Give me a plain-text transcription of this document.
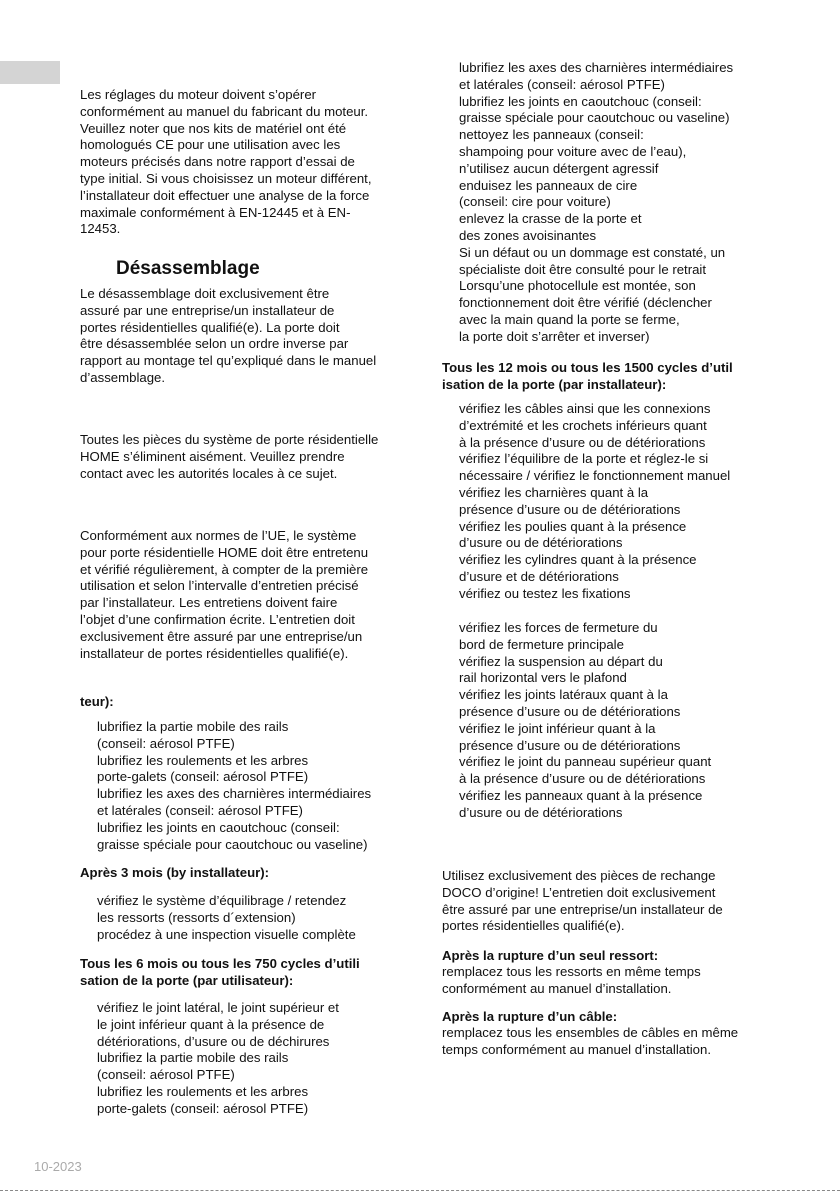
Les réglages du moteur doivent s’opérer
conformément au manuel du fabricant du moteur.
Veuillez noter que nos kits de matériel ont été
homologués CE pour une utilisation avec les
moteurs précisés dans notre rapport d’essai de
type initial. Si vous choisissez un moteur différent,
l’installateur doit effectuer une analyse de la force
maximale conformément à EN-12445 et à EN-
12453.

Désassemblage

Le désassemblage doit exclusivement être
assuré par une entreprise/un installateur de
portes résidentielles qualifié(e). La porte doit
être désassemblée selon un ordre inverse par
rapport au montage tel qu’expliqué dans le manuel
d’assemblage.

Toutes les pièces du système de porte résidentielle
HOME s’éliminent aisément. Veuillez prendre
contact avec les autorités locales à ce sujet.

Conformément aux normes de l’UE, le système
pour porte résidentielle HOME doit être entretenu
et vérifié régulièrement, à compter de la première
utilisation et selon l’intervalle d’entretien précisé
par l’installateur. Les entretiens doivent faire
l’objet d’une confirmation écrite. L’entretien doit
exclusivement être assuré par une entreprise/un
installateur de portes résidentielles qualifié(e).

teur):

lubrifiez la partie mobile des rails
(conseil: aérosol PTFE)
lubrifiez les roulements et les arbres
porte-galets (conseil: aérosol PTFE)
lubrifiez les axes des charnières intermédiaires
et latérales (conseil: aérosol PTFE)
lubrifiez les joints en caoutchouc (conseil:
graisse spéciale pour caoutchouc ou vaseline)

Après 3 mois (by installateur):

vérifiez le système d’équilibrage / retendez
les ressorts (ressorts d´extension)
procédez à une inspection visuelle complète

Tous les 6 mois ou tous les 750 cycles d’utili
sation de la porte (par utilisateur):

vérifiez le joint latéral, le joint supérieur et
le joint inférieur quant à la présence de
détériorations, d’usure ou de déchirures
lubrifiez la partie mobile des rails
(conseil: aérosol PTFE)
lubrifiez les roulements et les arbres
porte-galets (conseil: aérosol PTFE)

lubrifiez les axes des charnières intermédiaires
et latérales (conseil: aérosol PTFE)
lubrifiez les joints en caoutchouc (conseil:
graisse spéciale pour caoutchouc ou vaseline)
nettoyez les panneaux (conseil:
shampoing pour voiture avec de l’eau),
n’utilisez aucun détergent agressif
enduisez les panneaux de cire
(conseil: cire pour voiture)
enlevez la crasse de la porte et
des zones avoisinantes
Si un défaut ou un dommage est constaté, un
spécialiste doit être consulté pour le retrait
Lorsqu’une photocellule est montée, son
fonctionnement doit être vérifié (déclencher
avec la main quand la porte se ferme,
la porte doit s’arrêter et inverser)

Tous les 12 mois ou tous les 1500 cycles d’util
isation de la porte (par installateur):

vérifiez les câbles ainsi que les connexions
d’extrémité et les crochets inférieurs quant
à la présence d’usure ou de détériorations
vérifiez l’équilibre de la porte et réglez-le si
nécessaire / vérifiez le fonctionnement manuel
vérifiez les charnières quant à la
présence d’usure ou de détériorations
vérifiez les poulies quant à la présence
d’usure ou de détériorations
vérifiez les cylindres quant à la présence
d’usure et de détériorations
vérifiez ou testez les fixations

vérifiez les forces de fermeture du
bord de fermeture principale
vérifiez la suspension au départ du
rail horizontal vers le plafond
vérifiez les joints latéraux quant à la
présence d’usure ou de détériorations
vérifiez le joint inférieur quant à la
présence d’usure ou de détériorations
vérifiez le joint du panneau supérieur quant
à la présence d’usure ou de détériorations
vérifiez les panneaux quant à la présence
d’usure ou de détériorations

Utilisez exclusivement des pièces de rechange
DOCO d’origine! L’entretien doit exclusivement
être assuré par une entreprise/un installateur de
portes résidentielles qualifié(e).

Après la rupture d’un seul ressort:

remplacez tous les ressorts en même temps
conformément au manuel d’installation.

Après la rupture d’un câble:

remplacez tous les ensembles de câbles en même
temps conformément au manuel d’installation.

10-2023
